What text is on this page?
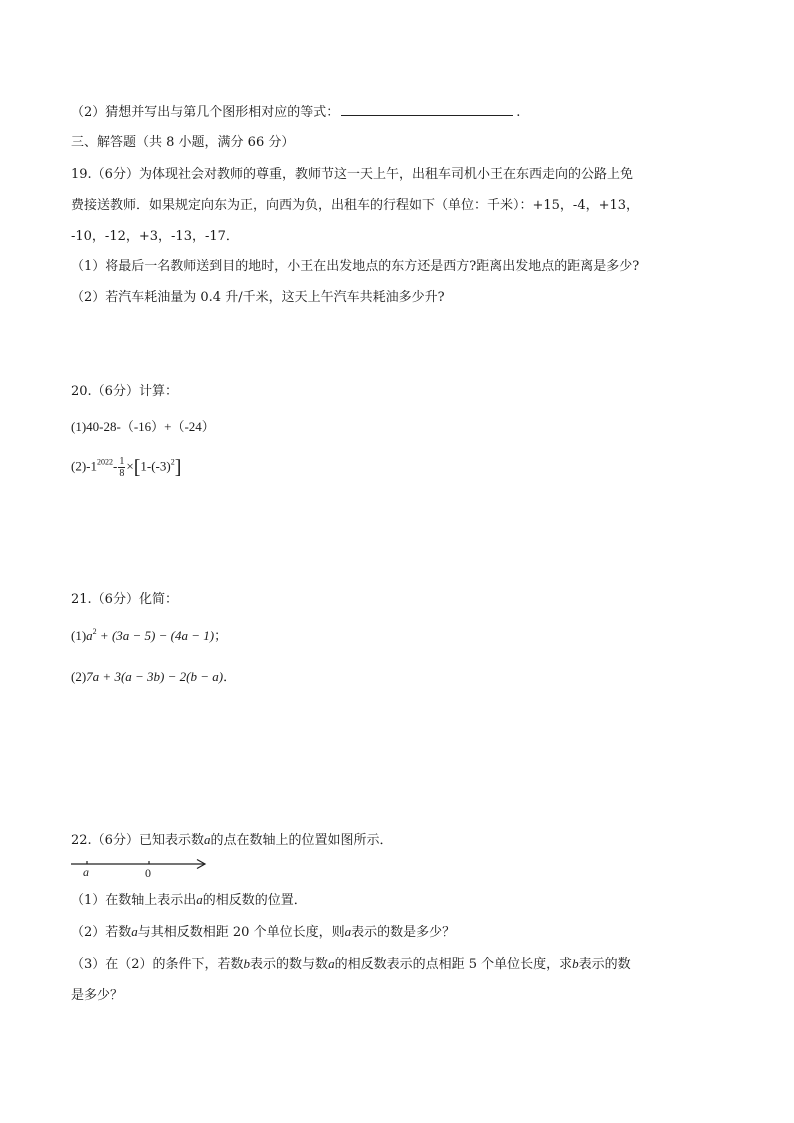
（2）猜想并写出与第几个图形相对应的等式：	.
三、解答题（共 8 小题，满分 66 分）
19.（6分）为体现社会对教师的尊重，教师节这一天上午，出租车司机小王在东西走向的公路上免
费接送教师．如果规定向东为正，向西为负，出租车的行程如下（单位：千米）：+15，-4，+13，
-10，-12，+3，-13，-17．
（1）将最后一名教师送到目的地时，小王在出发地点的东方还是西方?距离出发地点的距离是多少?
（2）若汽车耗油量为 0.4 升/千米，这天上午汽车共耗油多少升?
20.（6分）计算：
(1)40-28-（-16）+（-24）
$(2)-1^{2022}- \frac{1}{8} \times[1-(-3)^2]$
21.（6分）化简：
$(1)a^2 + (3a - 5) - (4a - 1)$；
(2)7a + 3(a − 3b) − 2(b − a)．
22.（6分）已知表示数a的点在数轴上的位置如图所示．
a	0
（1）在数轴上表示出a的相反数的位置．
（2）若数a与其相反数相距 20 个单位长度，则a表示的数是多少？
（3）在（2）的条件下，若数b表示的数与数a的相反数表示的点相距 5 个单位长度，求b表示的数
是多少？
